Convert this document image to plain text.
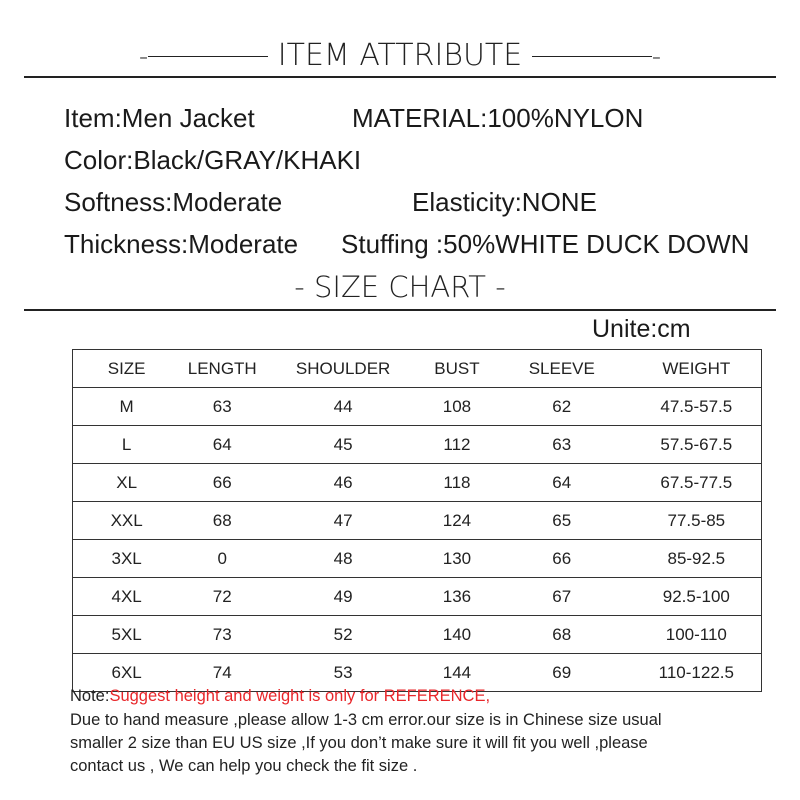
-	ITEM ATTRIBUTE	-
Item:Men Jacket	MATERIAL:100%NYLON
Color:Black/GRAY/KHAKI
Softness:Moderate	Elasticity:NONE
Thickness:Moderate Stuffing :50%WHITE DUCK DOWN
- SIZE CHART -
Unite:cm
SIZE	LENGTH	SHOULDER	BUST	SLEEVE	WEIGHT
M	63	44	108	62	47.5-57.5
L	64	45	112	63	57.5-67.5
XL	66	46	118	64	67.5-77.5
XXL	68	47	124	65	77.5-85
3XL	0	48	130	66	85-92.5
4XL	72	49	136	67	92.5-100
5XL	73	52	140	68	100-110
6XL	74	53	144	69	110-122.5
Note:Suggest height and weight is only for REFERENCE,
Due to hand measure ,please allow 1-3 cm error.our size is in Chinese size usual
smaller 2 size than EU US size ,If you don’t make sure it will fit you well ,please
contact us , We can help you check the fit size .
